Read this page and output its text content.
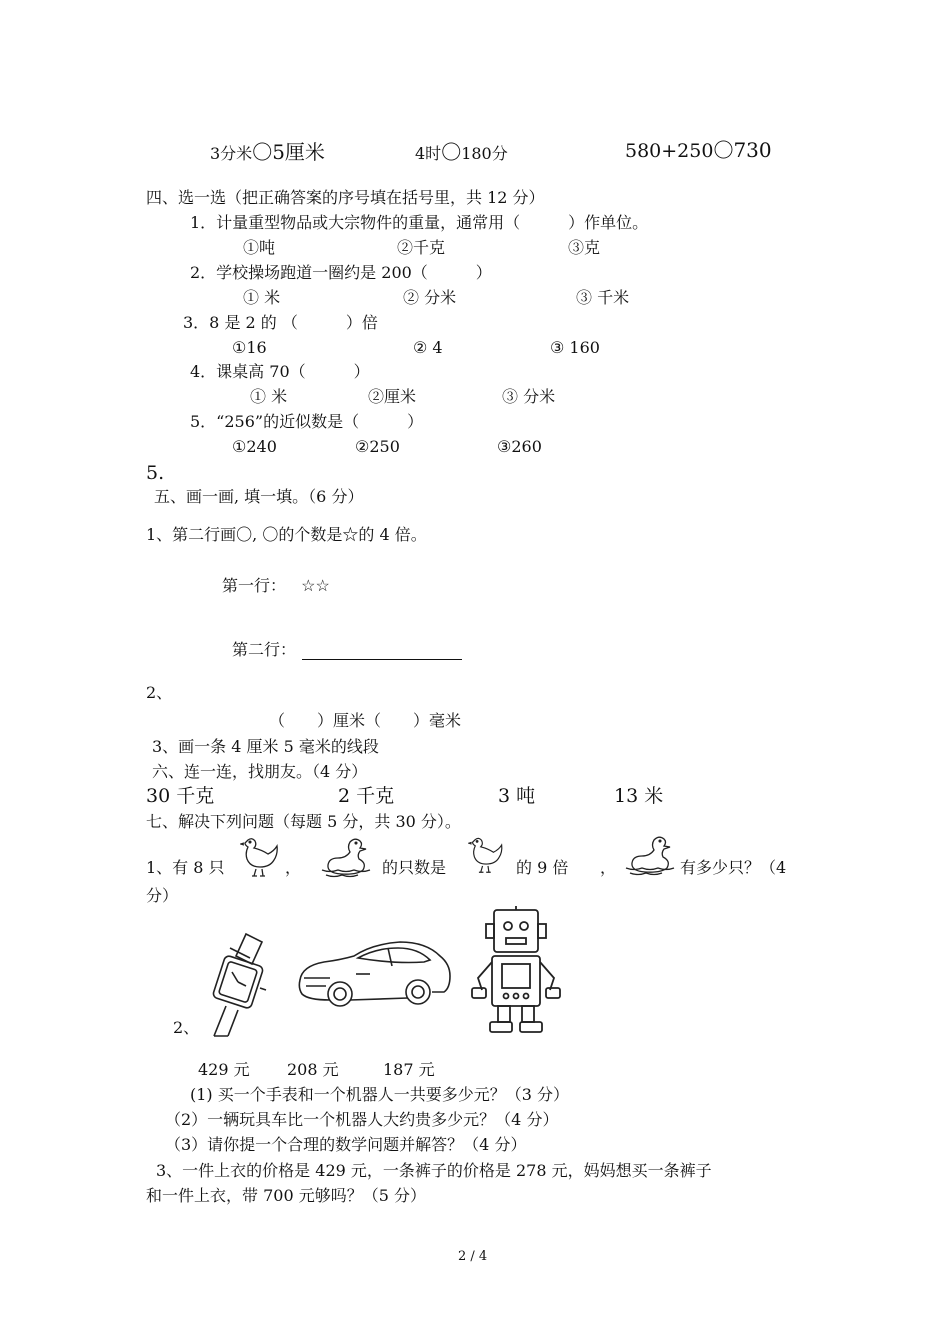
3分米〇5厘米	4时〇180分	580+250〇730
四、选一选（把正确答案的序号填在括号里，共 12 分）
1．计量重型物品或大宗物件的重量，通常用（　　　）作单位。
①吨	②千克	③克
2．学校操场跑道一圈约是 200（　　　）
① 米	② 分米	③ 千米
3．8 是 2 的 （　　　）倍
①16	② 4	③ 160
4．课桌高 70（　　　）
① 米	②厘米	③ 分米
5．“256”的近似数是（　　　）
①240	②250	③260
5.
五、画一画, 填一填。（6 分）
1、第二行画〇, 〇的个数是☆的 4 倍。
第一行： ☆☆
第二行：
2、
（　　）厘米（　　）毫米
3、画一条 4 厘米 5 毫米的线段
六、连一连，找朋友。（4 分）
30 千克	2 千克	3 吨	13 米
七、解决下列问题（每题 5 分，共 30 分）。
1、有 8 只	，	的只数是	的 9 倍 ，	有多少只？（4
分）
2、
429 元 208 元	187 元
(1) 买一个手表和一个机器人一共要多少元？（3 分）
（2）一辆玩具车比一个机器人大约贵多少元？（4 分）
（3）请你提一个合理的数学问题并解答？（4 分）
3、一件上衣的价格是 429 元，一条裤子的价格是 278 元，妈妈想买一条裤子
和一件上衣，带 700 元够吗？（5 分）
2 / 4
